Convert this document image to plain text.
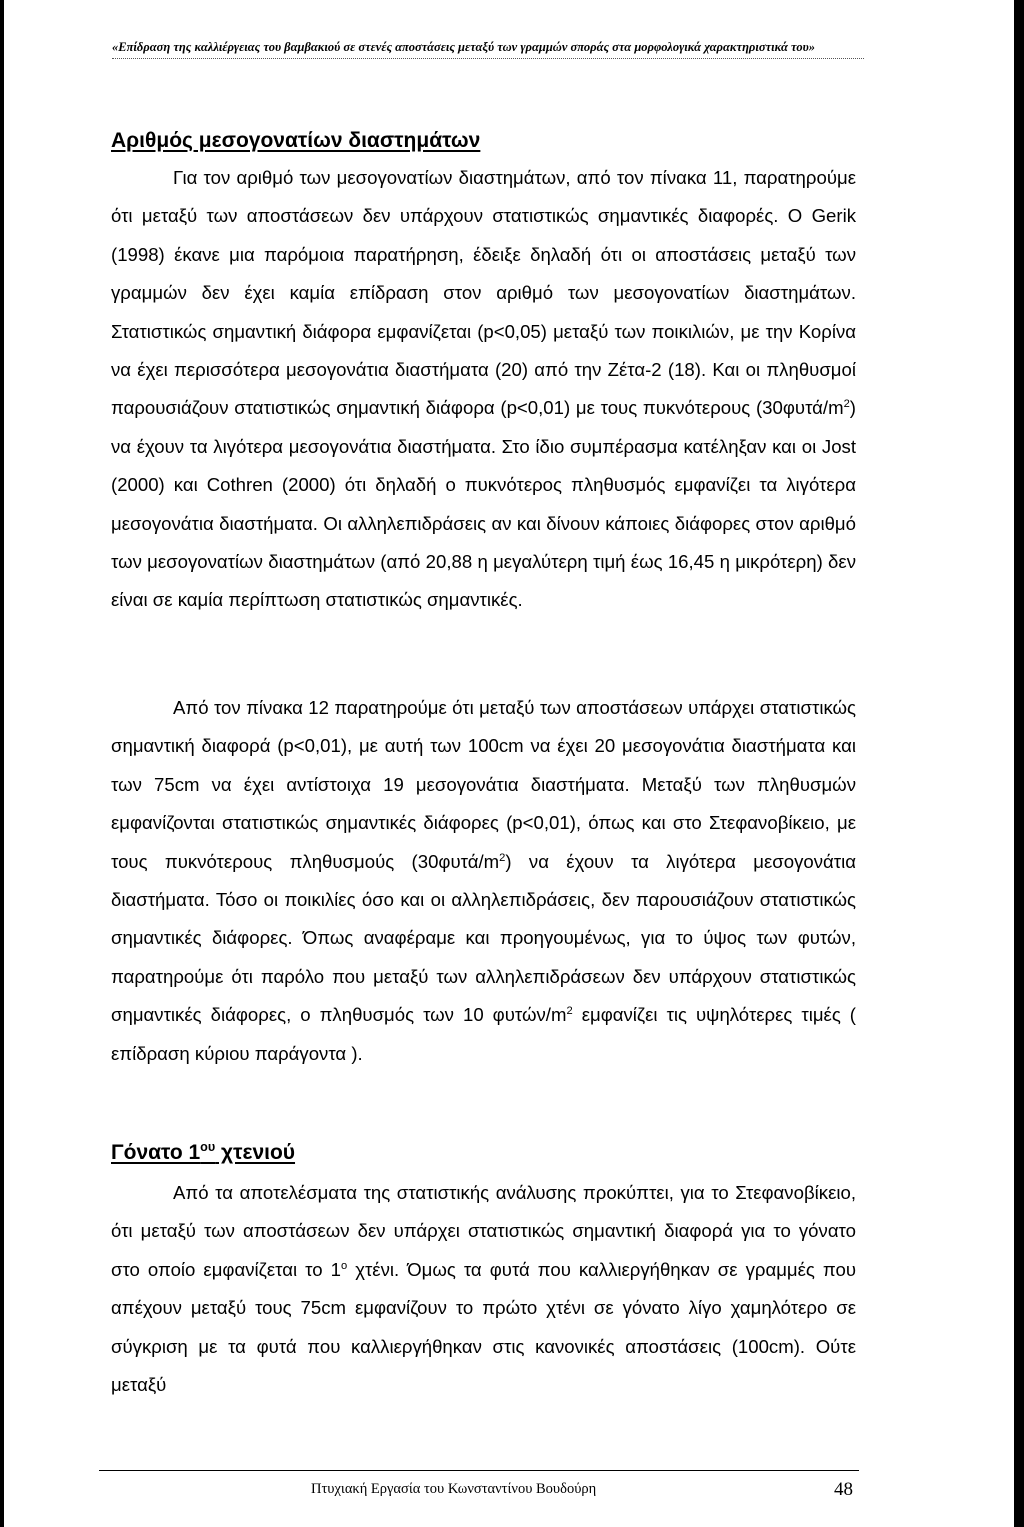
«Επίδραση της καλλιέργειας του βαμβακιού σε στενές αποστάσεις μεταξύ των γραμμών σποράς στα μορφολογικά χαρακτηριστικά του»
Αριθμός μεσογονατίων διαστημάτων

Για τον αριθμό των μεσογονατίων διαστημάτων, από τον πίνακα 11, παρατηρούμε ότι μεταξύ των αποστάσεων δεν υπάρχουν στατιστικώς σημαντικές διαφορές. Ο Gerik (1998) έκανε μια παρόμοια παρατήρηση, έδειξε δηλαδή ότι οι αποστάσεις μεταξύ των γραμμών δεν έχει καμία επίδραση στον αριθμό των μεσογονατίων διαστημάτων. Στατιστικώς σημαντική διάφορα εμφανίζεται (p<0,05) μεταξύ των ποικιλιών, με την Κορίνα να έχει περισσότερα μεσογονάτια διαστήματα (20) από την Ζέτα-2 (18). Και οι πληθυσμοί παρουσιάζουν στατιστικώς σημαντική διάφορα (p<0,01) με τους πυκνότερους $(30\varphi\upsilon\tau ά/m^2)$ να έχουν τα λιγότερα μεσογονάτια διαστήματα. Στο ίδιο συμπέρασμα κατέληξαν και οι Jost (2000) και Cothren (2000) ότι δηλαδή ο πυκνότερος πληθυσμός εμφανίζει τα λιγότερα μεσογονάτια διαστήματα. Οι αλληλεπιδράσεις αν και δίνουν κάποιες διάφορες στον αριθμό των μεσογονατίων διαστημάτων (από 20,88 η μεγαλύτερη τιμή έως 16,45 η μικρότερη) δεν είναι σε καμία περίπτωση στατιστικώς σημαντικές.

Από τον πίνακα 12 παρατηρούμε ότι μεταξύ των αποστάσεων υπάρχει στατιστικώς σημαντική διαφορά (p<0,01), με αυτή των 100cm να έχει 20 μεσογονάτια διαστήματα και των 75cm να έχει αντίστοιχα 19 μεσογονάτια διαστήματα. Μεταξύ των πληθυσμών εμφανίζονται στατιστικώς σημαντικές διάφορες (p<0,01), όπως και στο Στεφανοβίκειο, με τους πυκνότερους πληθυσμούς $(30\varphi\upsilon\tau ά/m^2)$ να έχουν τα λιγότερα μεσογονάτια διαστήματα. Τόσο οι ποικιλίες όσο και οι αλληλεπιδράσεις, δεν παρουσιάζουν στατιστικώς σημαντικές διάφορες. Όπως αναφέραμε και προηγουμένως, για το ύψος των φυτών, παρατηρούμε ότι παρόλο που μεταξύ των αλληλεπιδράσεων δεν υπάρχουν στατιστικώς σημαντικές διάφορες, ο πληθυσμός των 10 φυτών/$m^2$ εμφανίζει τις υψηλότερες τιμές ( επίδραση κύριου παράγοντα ).

Γόνατο $1^{o\upsilon}$ χτενιού

Από τα αποτελέσματα της στατιστικής ανάλυσης προκύπτει, για το Στεφανοβίκειο, ότι μεταξύ των αποστάσεων δεν υπάρχει στατιστικώς σημαντική διαφορά για το γόνατο στο οποίο εμφανίζεται το $1^o$ χτένι. Όμως τα φυτά που καλλιεργήθηκαν σε γραμμές που απέχουν μεταξύ τους 75cm εμφανίζουν το πρώτο χτένι σε γόνατο λίγο χαμηλότερο σε σύγκριση με τα φυτά που καλλιεργήθηκαν στις κανονικές αποστάσεις (100cm). Ούτε μεταξύ

Πτυχιακή Εργασία του Κωνσταντίνου Βουδούρη	48
